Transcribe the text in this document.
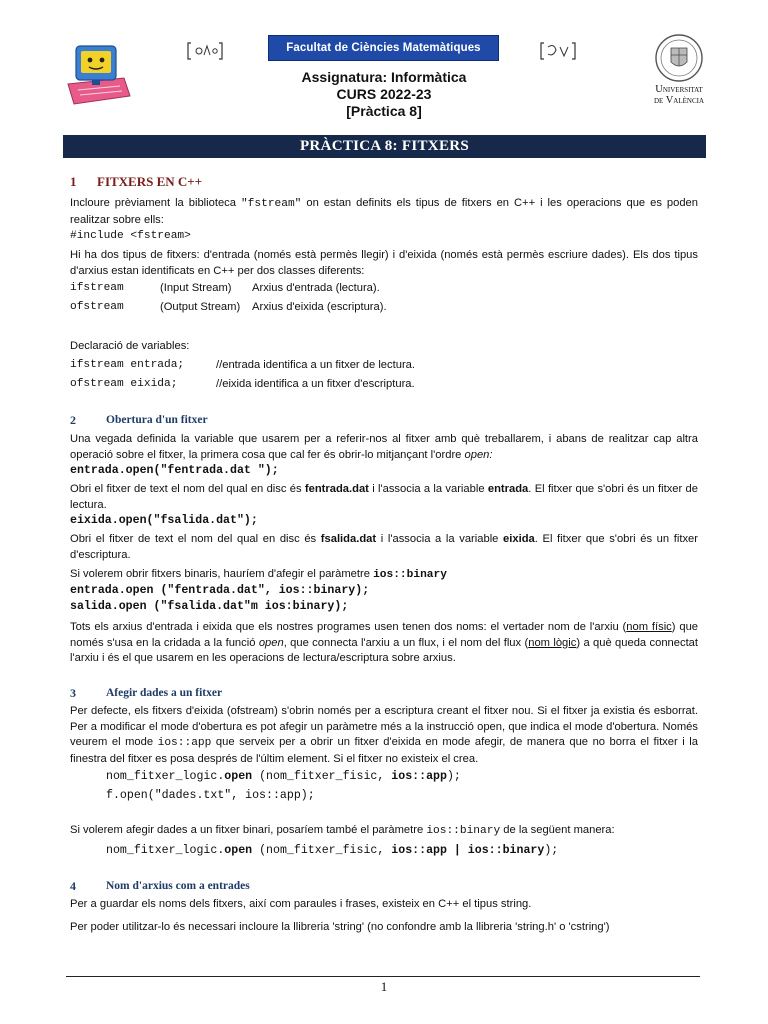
Facultat de Ciències Matemàtiques
Assignatura: Informàtica
CURS 2022-23
[Pràctica 8]
Universitat
de València
PRÀCTICA 8: FITXERS
1 FITXERS EN C++
Incloure prèviament la biblioteca "fstream" on estan definits els tipus de fitxers en C++ i les operacions que es poden realitzar sobre ells:
#include <fstream>
Hi ha dos tipus de fitxers: d'entrada (només està permès llegir) i d'eixida (només està permès escriure dades). Els dos tipus d'arxius estan identificats en C++ per dos classes diferents:
ifstream	(Input Stream) Arxius d'entrada (lectura).
ofstream	(Output Stream) Arxius d'eixida (escriptura).
Declaració de variables:
ifstream entrada;	//entrada identifica a un fitxer de lectura.
ofstream eixida;	//eixida identifica a un fitxer d'escriptura.
2	Obertura d'un fitxer
Una vegada definida la variable que usarem per a referir-nos al fitxer amb què treballarem, i abans de realitzar cap altra operació sobre el fitxer, la primera cosa que cal fer és obrir-lo mitjançant l'ordre open:
entrada.open("fentrada.dat ");
Obri el fitxer de text el nom del qual en disc és fentrada.dat i l'associa a la variable entrada. El fitxer que s'obri és un fitxer de lectura.
eixida.open("fsalida.dat");
Obri el fitxer de text el nom del qual en disc és fsalida.dat i l'associa a la variable eixida. El fitxer que s'obri és un fitxer d'escriptura.
Si volerem obrir fitxers binaris, hauríem d'afegir el paràmetre ios::binary
entrada.open ("fentrada.dat", ios::binary);
salida.open ("fsalida.dat"m ios:binary);
Tots els arxius d'entrada i eixida que els nostres programes usen tenen dos noms: el vertader nom de l'arxiu (nom físic) que només s'usa en la cridada a la funció open, que connecta l'arxiu a un flux, i el nom del flux (nom lògic) a què queda connectat l'arxiu i és el que usarem en les operacions de lectura/escriptura sobre arxius.
3	Afegir dades a un fitxer
Per defecte, els fitxers d'eixida (ofstream) s'obrin només per a escriptura creant el fitxer nou. Si el fitxer ja existia és esborrat. Per a modificar el mode d'obertura es pot afegir un paràmetre més a la instrucció open, que indica el mode d'obertura. Només veurem el mode ios::app que serveix per a obrir un fitxer d'eixida en mode afegir, de manera que no borra el fitxer i la finestra del fitxer es posa després de l'últim element. Si el fitxer no existeix el crea.
nom_fitxer_logic.open (nom_fitxer_fisic, ios::app);
f.open("dades.txt", ios::app);
Si volerem afegir dades a un fitxer binari, posaríem també el paràmetre ios::binary de la següent manera:
nom_fitxer_logic.open (nom_fitxer_fisic, ios::app | ios::binary);
4	Nom d'arxius com a entrades
Per a guardar els noms dels fitxers, així com paraules i frases, existeix en C++ el tipus string.
Per poder utilitzar-lo és necessari incloure la llibreria 'string' (no confondre amb la llibreria 'string.h' o 'cstring')
1
